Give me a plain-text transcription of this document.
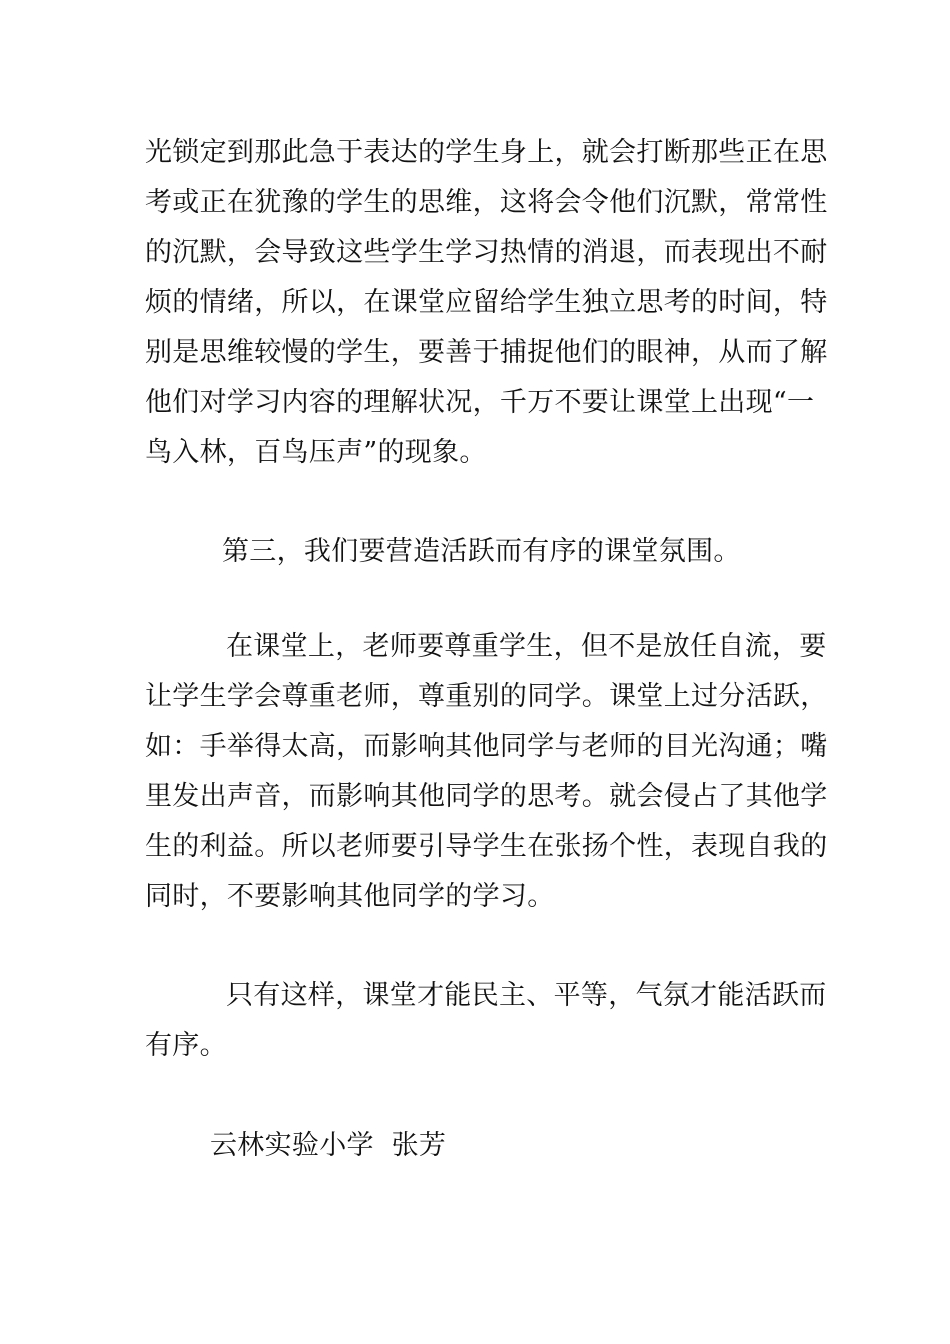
光锁定到那此急于表达的学生身上，就会打断那些正在思
考或正在犹豫的学生的思维，这将会令他们沉默，常常性
的沉默，会导致这些学生学习热情的消退，而表现出不耐
烦的情绪，所以，在课堂应留给学生独立思考的时间，特
别是思维较慢的学生，要善于捕捉他们的眼神，从而了解
他们对学习内容的理解状况，千万不要让课堂上出现“一
鸟入林，百鸟压声”的现象。
第三，我们要营造活跃而有序的课堂氛围。
在课堂上，老师要尊重学生，但不是放任自流，要
让学生学会尊重老师，尊重别的同学。课堂上过分活跃，
如：手举得太高，而影响其他同学与老师的目光沟通；嘴
里发出声音，而影响其他同学的思考。就会侵占了其他学
生的利益。所以老师要引导学生在张扬个性，表现自我的
同时，不要影响其他同学的学习。
只有这样，课堂才能民主、平等，气氛才能活跃而
有序。
云林实验小学  张芳
